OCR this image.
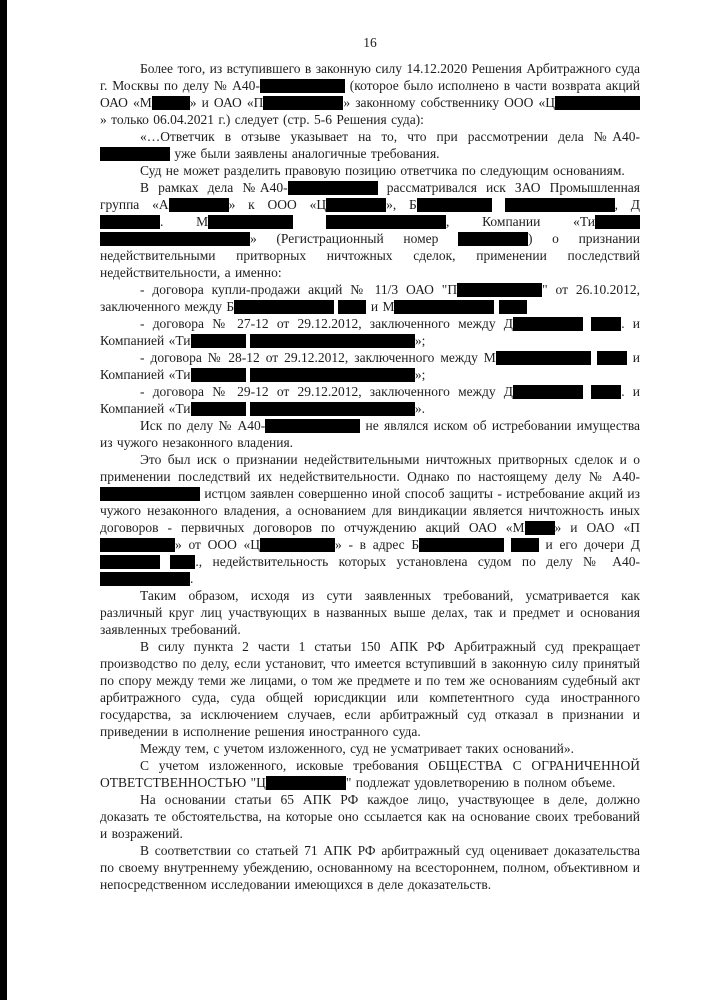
16

Более того, из вступившего в законную силу 14.12.2020 Решения Арбитражного суда г. Москвы по делу № А40-	(которое было исполнено в части возврата акций ОАО «М	» и ОАО «П	» законному собственнику ООО «Ц» только 06.04.2021 г.) следует (стр. 5-6 Решения суда):

«…Ответчик в отзыве указывает на то, что при рассмотрении дела №А40- уже были заявлены аналогичные требования.

Суд не может разделить правовую позицию ответчика по следующим основаниям.

В рамках дела №А40-	рассматривался иск ЗАО Промышленная группа «А	» к ООО «Ц	», Б	, Д. М	, Компании «Ти » (Регистрационный номер	) о признании недействительными притворных ничтожных сделок, применении последствий недействительности, а именно:

- договора купли-продажи акций № 11/3 ОАО "П	" от 26.10.2012, заключенного между Б	и М

- договора № 27-12 от 29.12.2012, заключенного между Д	. и Компанией «Ти	»;

- договора № 28-12 от 29.12.2012, заключенного между М	и Компанией «Ти	»;

- договора № 29-12 от 29.12.2012, заключенного между Д	. и Компанией «Ти	».

Иск по делу № А40-	не являлся иском об истребовании имущества из чужого незаконного владения.

Это был иск о признании недействительными ничтожных притворных сделок и о применении последствий их недействительности. Однако по настоящему делу № А40- истцом заявлен совершенно иной способ защиты - истребование акций из чужого незаконного владения, а основанием для виндикации является ничтожность иных договоров - первичных договоров по отчуждению акций ОАО «М » и ОАО «П» от ООО «Ц	» - в адрес Б	и его дочери Д ., недействительность которых установлена судом по делу № А40-.

Таким образом, исходя из сути заявленных требований, усматривается как различный круг лиц участвующих в названных выше делах, так и предмет и основания заявленных требований.

В силу пункта 2 части 1 статьи 150 АПК РФ Арбитражный суд прекращает производство по делу, если установит, что имеется вступивший в законную силу принятый по спору между теми же лицами, о том же предмете и по тем же основаниям судебный акт арбитражного суда, суда общей юрисдикции или компетентного суда иностранного государства, за исключением случаев, если арбитражный суд отказал в признании и приведении в исполнение решения иностранного суда.

Между тем, с учетом изложенного, суд не усматривает таких оснований».

С учетом изложенного, исковые требования ОБЩЕСТВА С ОГРАНИЧЕННОЙ ОТВЕТСТВЕННОСТЬЮ "Ц	" подлежат удовлетворению в полном объеме.

На основании статьи 65 АПК РФ каждое лицо, участвующее в деле, должно доказать те обстоятельства, на которые оно ссылается как на основание своих требований и возражений.

В соответствии со статьей 71 АПК РФ арбитражный суд оценивает доказательства по своему внутреннему убеждению, основанному на всестороннем, полном, объективном и непосредственном исследовании имеющихся в деле доказательств.
